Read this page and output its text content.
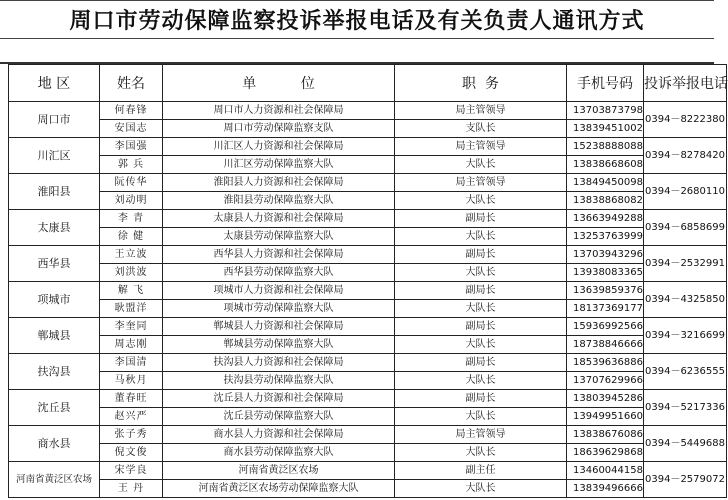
周口市劳动保障监察投诉举报电话及有关负责人通讯方式
地 区	姓名	单          位	职  务	手机号码	投诉举报电话
周口市	何春锋	周口市人力资源和社会保障局	局主管领导	13703873798	0394－8222380
	安国志	周口市劳动保障监察支队	支队长	13839451002	
川汇区	李国强	川汇区人力资源和社会保障局	局主管领导	15238888088	0394－8278420
	郭 兵	川汇区劳动保障监察大队	大队长	13838668608	
淮阳县	阮传华	淮阳县人力资源和社会保障局	局主管领导	13849450098	0394－2680110
	刘动明	淮阳县劳动保障监察大队	大队长	13838868082	
太康县	李 青	太康县人力资源和社会保障局	副局长	13663949288	0394－6858699
	徐 健	太康县劳动保障监察大队	大队长	13253763999	
西华县	王立波	西华县人力资源和社会保障局	副局长	13703943296	0394－2532991
	刘洪波	西华县劳动保障监察大队	大队长	13938083365	
项城市	解 飞	项城市人力资源和社会保障局	副局长	13639859376	0394－4325850
	耿盟洋	项城市劳动保障监察大队	大队长	18137369177	
郸城县	李奎同	郸城县人力资源和社会保障局	副局长	15936992566	0394－3216699
	周志刚	郸城县劳动保障监察大队	大队长	18738846666	
扶沟县	李国清	扶沟县人力资源和社会保障局	副局长	18539636886	0394－6236555
	马秋月	扶沟县劳动保障监察大队	大队长	13707629966	
沈丘县	董春旺	沈丘县人力资源和社会保障局	副局长	13803945286	0394－5217336
	赵兴严	沈丘县劳动保障监察大队	大队长	13949951660	
商水县	张子秀	商水县人力资源和社会保障局	局主管领导	13838676086	0394－5449688
	倪文俊	商水县劳动保障监察大队	大队长	18639629868	
河南省黄泛区农场	宋学良	河南省黄泛区农场	副主任	13460044158	0394－2579072
	王 丹	河南省黄泛区农场劳动保障监察大队	大队长	13839496666	
